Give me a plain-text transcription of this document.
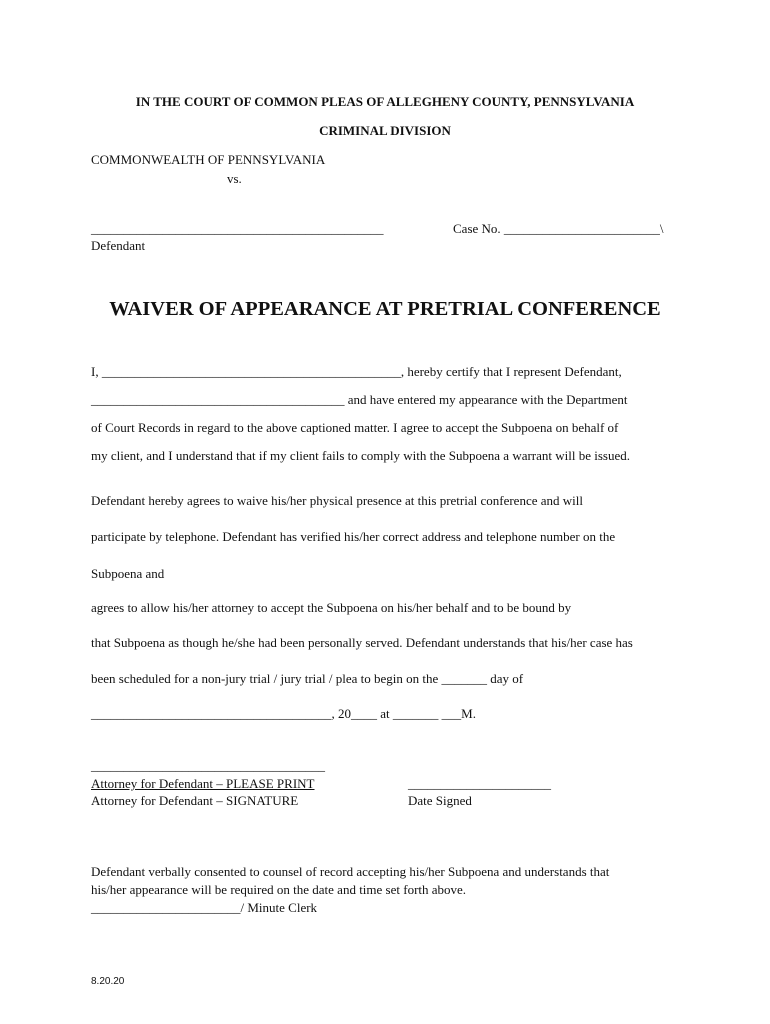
IN THE COURT OF COMMON PLEAS OF ALLEGHENY COUNTY, PENNSYLVANIA
CRIMINAL DIVISION
COMMONWEALTH OF PENNSYLVANIA
vs.
_____________________________________________
Defendant
Case No. ________________________\
WAIVER OF APPEARANCE AT PRETRIAL CONFERENCE
I, ______________________________________________, hereby certify that I represent Defendant,
_______________________________________ and have entered my appearance with the Department
of Court Records in regard to the above captioned matter. I agree to accept the Subpoena on behalf of
my client, and I understand that if my client fails to comply with the Subpoena a warrant will be issued.
Defendant hereby agrees to waive his/her physical presence at this pretrial conference and will
participate by telephone. Defendant has verified his/her correct address and telephone number on the
Subpoena and
agrees to allow his/her attorney to accept the Subpoena on his/her behalf and to be bound by
that Subpoena as though he/she had been personally served. Defendant understands that his/her case has
been scheduled for a non-jury trial / jury trial / plea to begin on the _______ day of
_____________________________________, 20____ at _______ ___M.
____________________________________
Attorney for Defendant – PLEASE PRINT
Attorney for Defendant – SIGNATURE
______________________
Date Signed
Defendant verbally consented to counsel of record accepting his/her Subpoena and understands that
his/her appearance will be required on the date and time set forth above.
_______________________/ Minute Clerk
8.20.20
